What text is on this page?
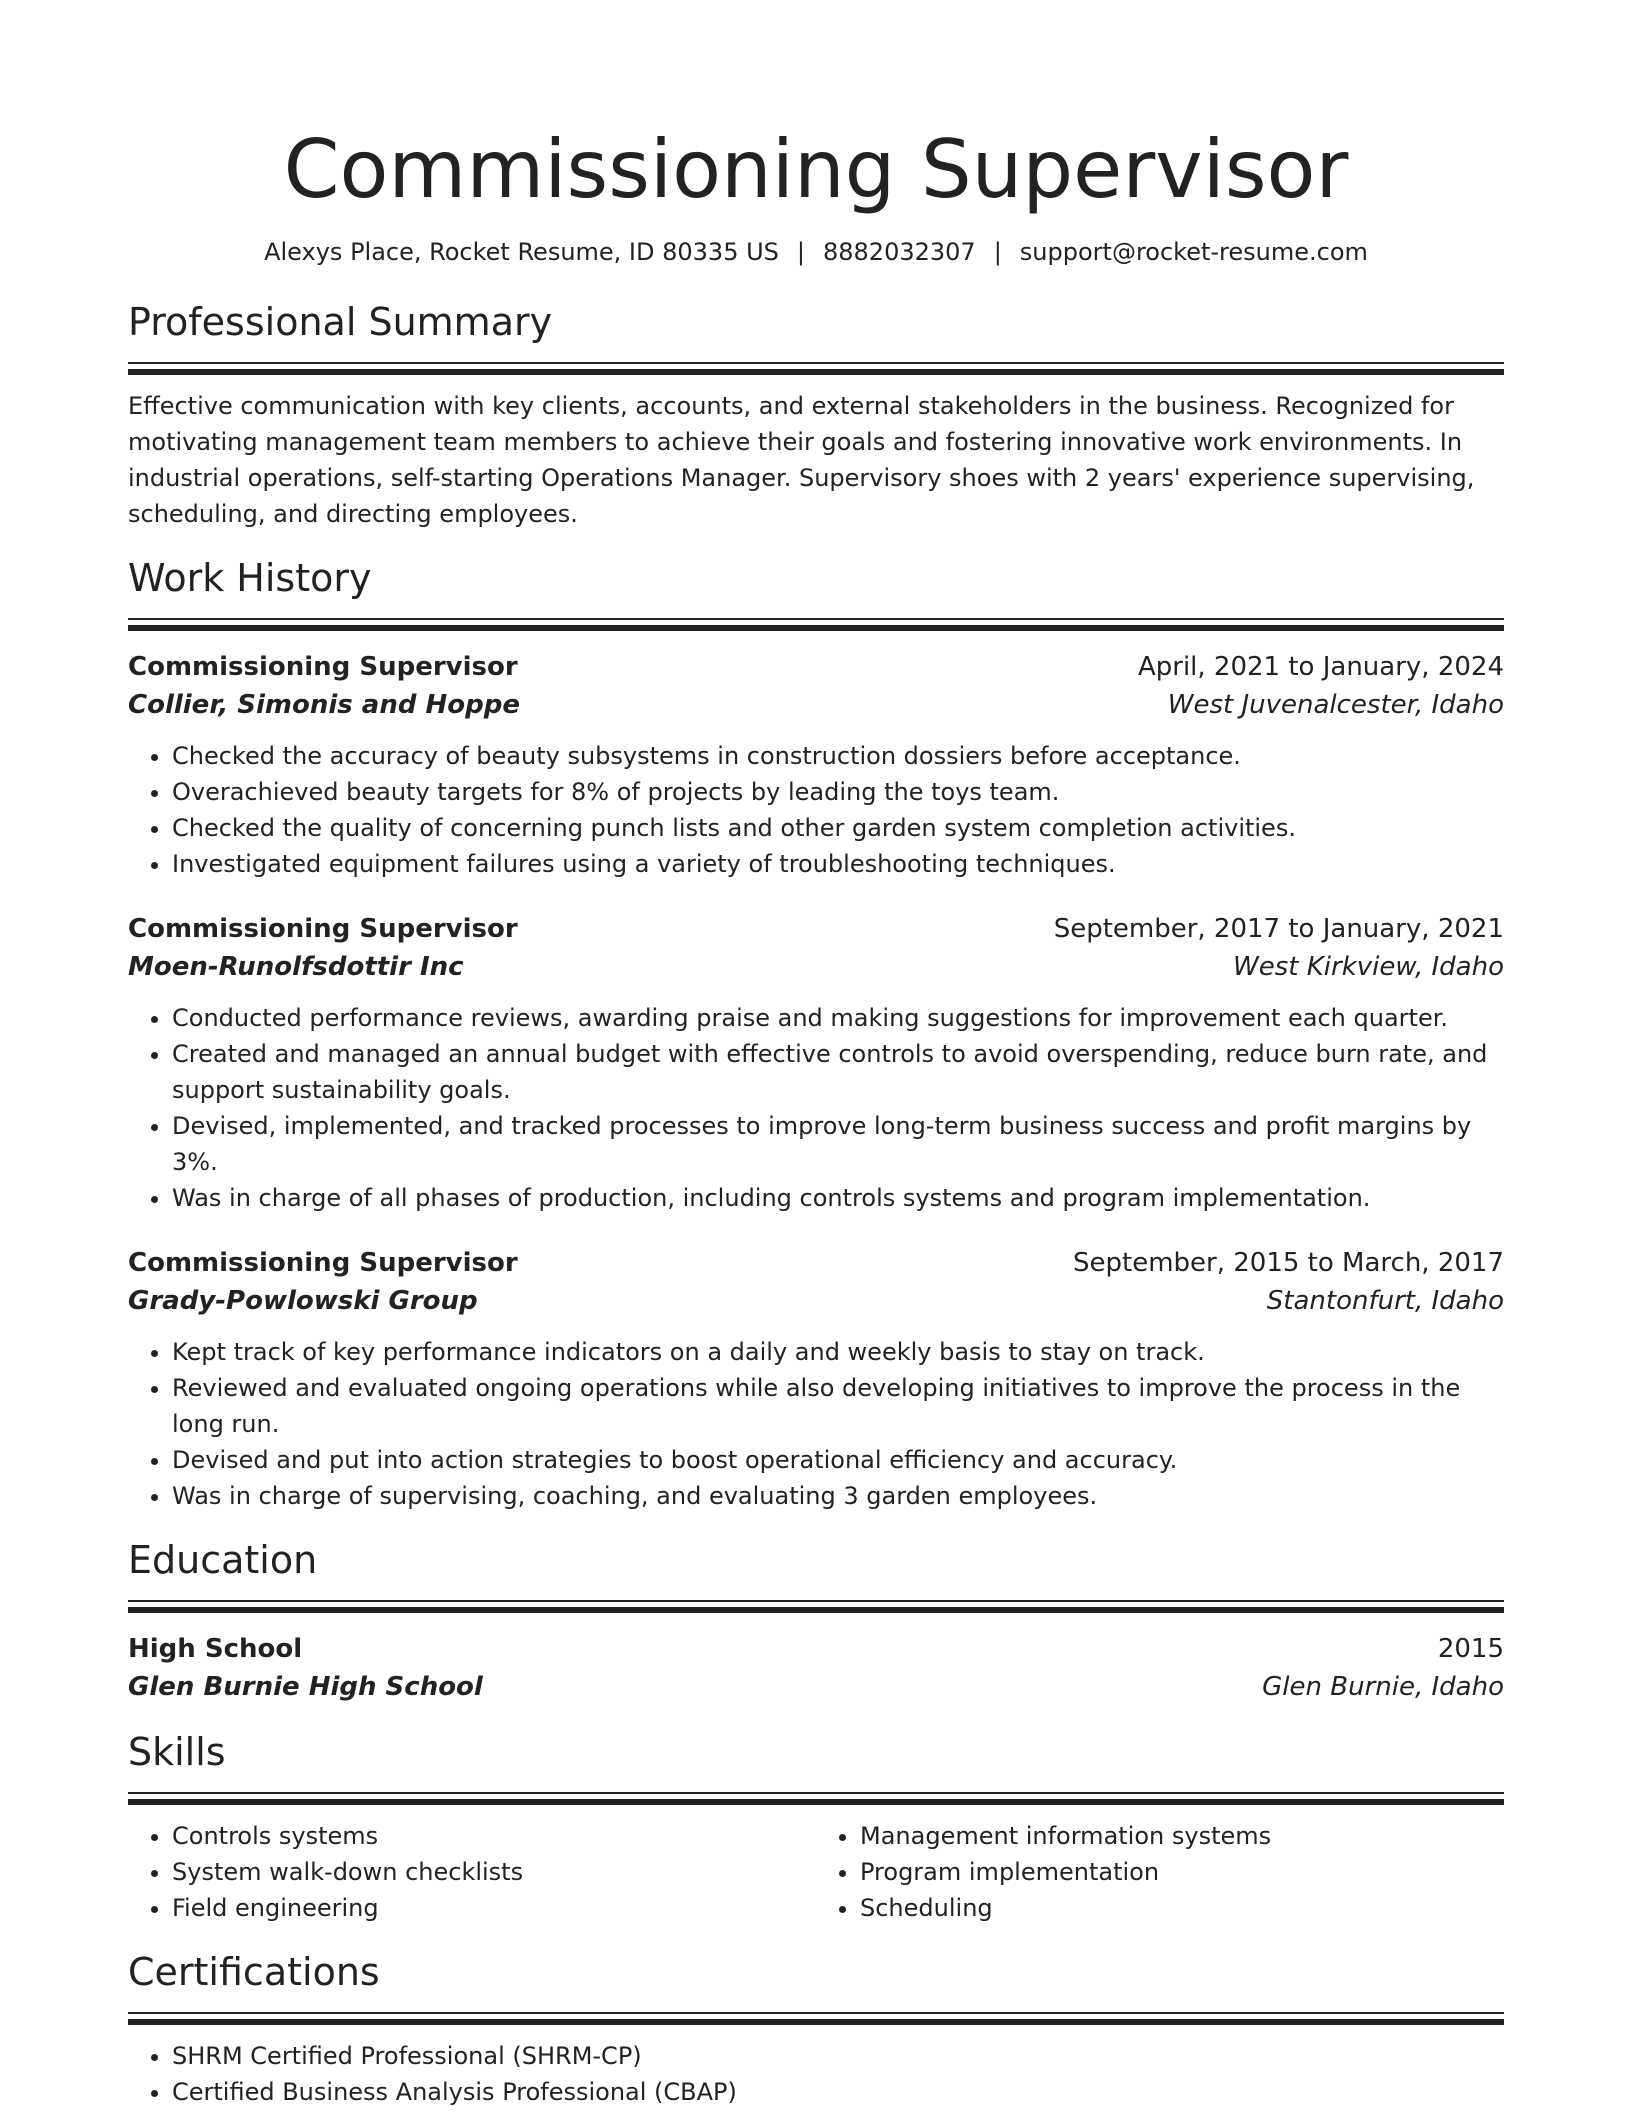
Commissioning Supervisor
Alexys Place, Rocket Resume, ID 80335 US | 8882032307 | support@rocket-resume.com
Professional Summary
Effective communication with key clients, accounts, and external stakeholders in the business. Recognized for motivating management team members to achieve their goals and fostering innovative work environments. In industrial operations, self-starting Operations Manager. Supervisory shoes with 2 years' experience supervising, scheduling, and directing employees.
Work History
Commissioning Supervisor	April, 2021 to January, 2024
Collier, Simonis and Hoppe	West Juvenalcester, Idaho
• Checked the accuracy of beauty subsystems in construction dossiers before acceptance.
• Overachieved beauty targets for 8% of projects by leading the toys team.
• Checked the quality of concerning punch lists and other garden system completion activities.
• Investigated equipment failures using a variety of troubleshooting techniques.
Commissioning Supervisor	September, 2017 to January, 2021
Moen-Runolfsdottir Inc	West Kirkview, Idaho
• Conducted performance reviews, awarding praise and making suggestions for improvement each quarter.
• Created and managed an annual budget with effective controls to avoid overspending, reduce burn rate, and support sustainability goals.
• Devised, implemented, and tracked processes to improve long-term business success and profit margins by 3%.
• Was in charge of all phases of production, including controls systems and program implementation.
Commissioning Supervisor	September, 2015 to March, 2017
Grady-Powlowski Group	Stantonfurt, Idaho
• Kept track of key performance indicators on a daily and weekly basis to stay on track.
• Reviewed and evaluated ongoing operations while also developing initiatives to improve the process in the long run.
• Devised and put into action strategies to boost operational efficiency and accuracy.
• Was in charge of supervising, coaching, and evaluating 3 garden employees.
Education
High School	2015
Glen Burnie High School	Glen Burnie, Idaho
Skills
• Controls systems
• System walk-down checklists
• Field engineering
• Management information systems
• Program implementation
• Scheduling
Certifications
• SHRM Certified Professional (SHRM-CP)
• Certified Business Analysis Professional (CBAP)
